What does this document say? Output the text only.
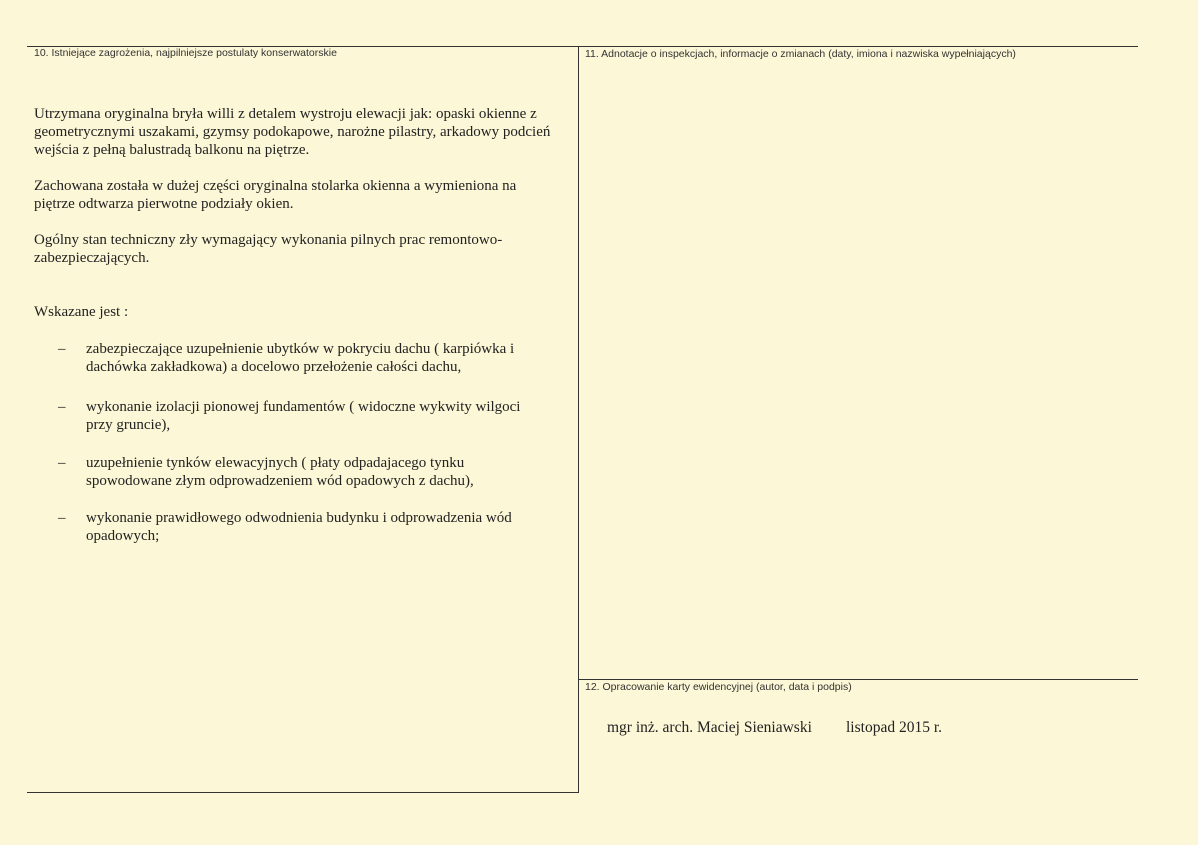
10. Istniejące zagrożenia, najpilniejsze postulaty konserwatorskie

Utrzymana oryginalna bryła willi z detalem wystroju elewacji jak: opaski okienne z geometrycznymi uszakami, gzymsy podokapowe, narożne pilastry, arkadowy podcień wejścia z pełną balustradą balkonu na piętrze.

Zachowana została w dużej części oryginalna stolarka okienna a wymieniona na piętrze odtwarza pierwotne podziały okien.

Ogólny stan techniczny zły wymagający wykonania pilnych prac remontowo-zabezpieczających.

Wskazane jest :

– zabezpieczające uzupełnienie ubytków w pokryciu dachu ( karpiówka i dachówka zakładkowa) a docelowo przełożenie całości dachu,
– wykonanie izolacji pionowej fundamentów ( widoczne wykwity wilgoci przy gruncie),
– uzupełnienie tynków elewacyjnych ( płaty odpadajacego tynku spowodowane złym odprowadzeniem wód opadowych z dachu),
– wykonanie prawidłowego odwodnienia budynku i odprowadzenia wód opadowych;
11. Adnotacje o inspekcjach, informacje o zmianach (daty, imiona i nazwiska wypełniających)
12. Opracowanie karty ewidencyjnej (autor, data i podpis)
mgr inż. arch. Maciej Sieniawski listopad 2015 r.
